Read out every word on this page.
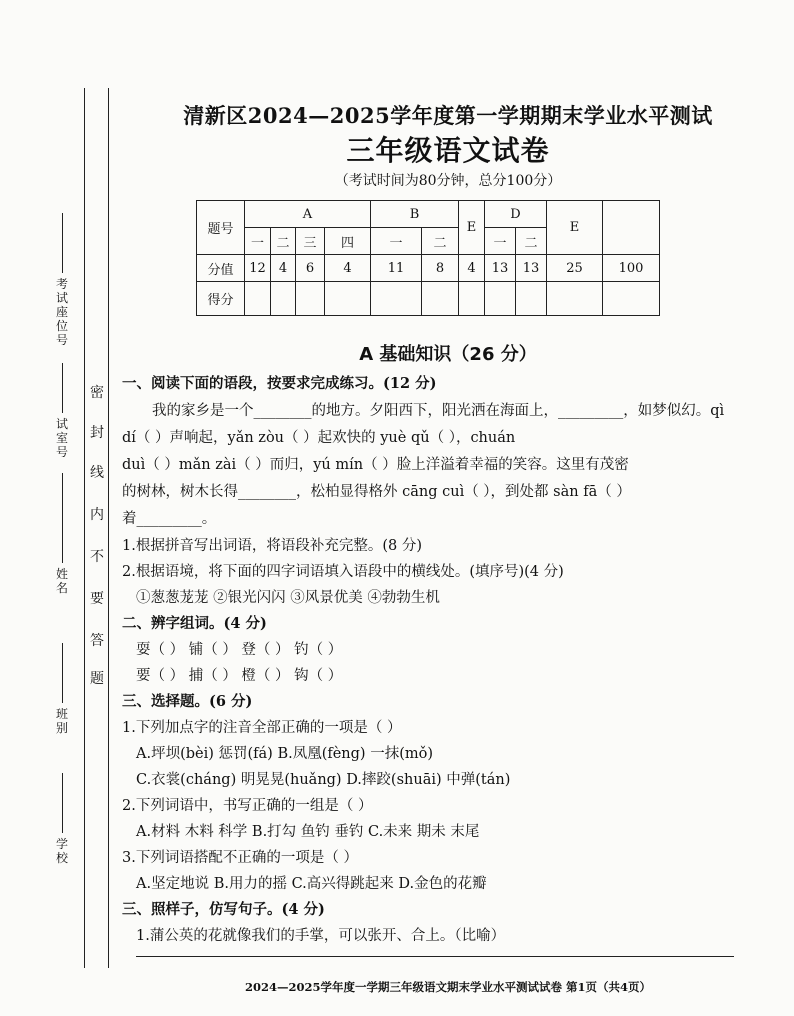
考试座位号
试室号
姓名
班别
学校
密
封
线
内
不
要
答
题
清新区2024—2025学年度第一学期期末学业水平测试
三年级语文试卷
（考试时间为80分钟，总分100分）
题号	A				B		E	D		E	
	一	二	三	四	一	二		一	二		
分值	12	4	6	4	11	8	4	13	13	25	100
得分											
A 基础知识（26 分）
一、阅读下面的语段，按要求完成练习。(12 分)
我的家乡是一个________的地方。夕阳西下，阳光洒在海面上，_________，如梦似幻。qì
dí（ ）声响起，yǎn zòu（ ）起欢快的 yuè qǔ（ ），chuán
duì（ ）mǎn zài（ ）而归，yú mín（ ）脸上洋溢着幸福的笑容。这里有茂密
的树林，树木长得________，松柏显得格外 cāng cuì（ ），到处都 sàn fā（ ）
着_________。
1.根据拼音写出词语，将语段补充完整。(8 分)
2.根据语境，将下面的四字词语填入语段中的横线处。(填序号)(4 分)
①葱葱茏茏 ②银光闪闪 ③风景优美 ④勃勃生机
二、辨字组词。(4 分)
耍（ ） 铺（ ） 登（ ） 钓（ ）
要（ ） 捕（ ） 橙（ ） 钩（ ）
三、选择题。(6 分)
1.下列加点字的注音全部正确的一项是（ ）
A.坪坝(bèi) 惩罚(fá) B.凤凰(fèng) 一抹(mǒ)
C.衣裳(cháng) 明晃晃(huǎng) D.摔跤(shuāi) 中弹(tán)
2.下列词语中，书写正确的一组是（ ）
A.材料 木料 科学 B.打勾 鱼钓 垂钓 C.未来 期未 末尾
3.下列词语搭配不正确的一项是（ ）
A.坚定地说 B.用力的摇 C.高兴得跳起来 D.金色的花瓣
三、照样子，仿写句子。(4 分)
1.蒲公英的花就像我们的手掌，可以张开、合上。（比喻）
2024—2025学年度一学期三年级语文期末学业水平测试试卷 第1页（共4页）
